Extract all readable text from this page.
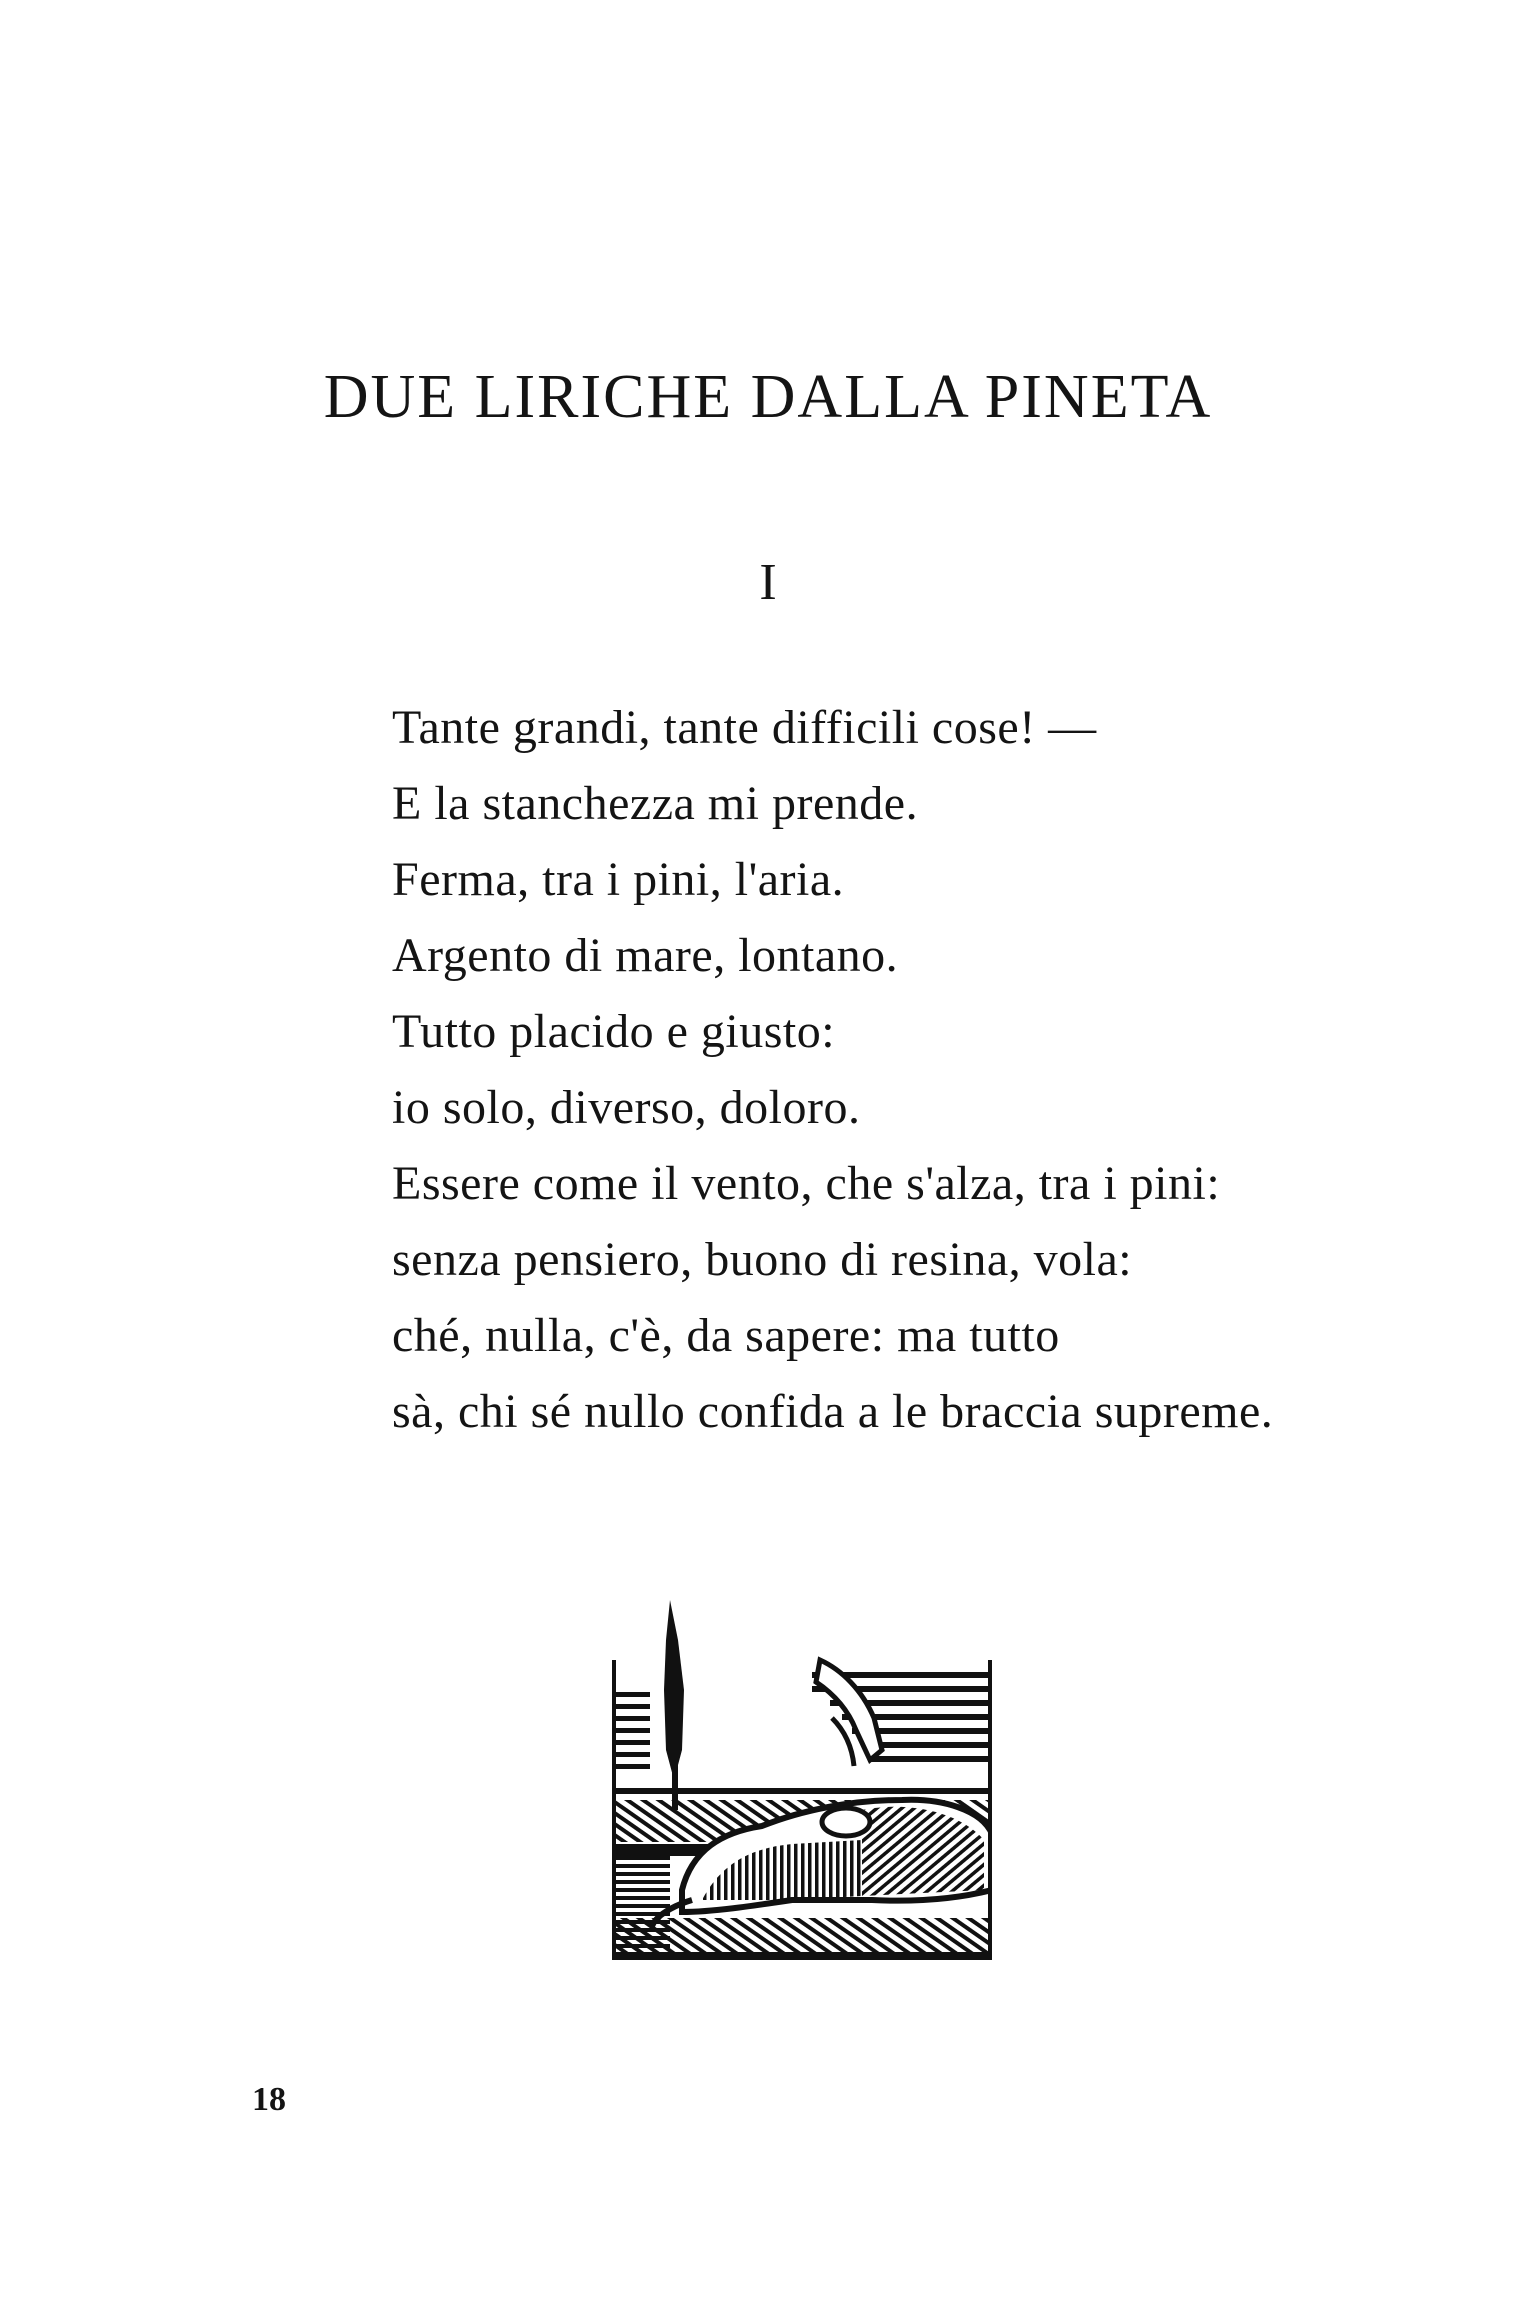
DUE LIRICHE DALLA PINETA

I

Tante grandi, tante difficili cose! —
E la stanchezza mi prende.
Ferma, tra i pini, l'aria.
Argento di mare, lontano.
Tutto placido e giusto:
io solo, diverso, doloro.
Essere come il vento, che s'alza, tra i pini:
senza pensiero, buono di resina, vola:
ché, nulla, c'è, da sapere: ma tutto
sà, chi sé nullo confida a le braccia supreme.

18
